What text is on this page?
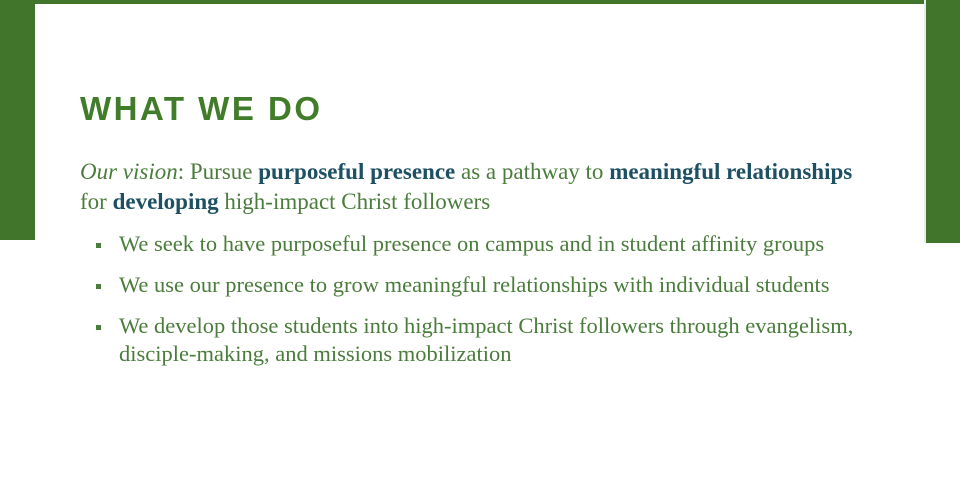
WHAT WE DO

Our vision: Pursue purposeful presence as a pathway to meaningful relationships for developing high-impact Christ followers

▪ We seek to have purposeful presence on campus and in student affinity groups
▪ We use our presence to grow meaningful relationships with individual students
▪ We develop those students into high-impact Christ followers through evangelism, disciple-making, and missions mobilization
